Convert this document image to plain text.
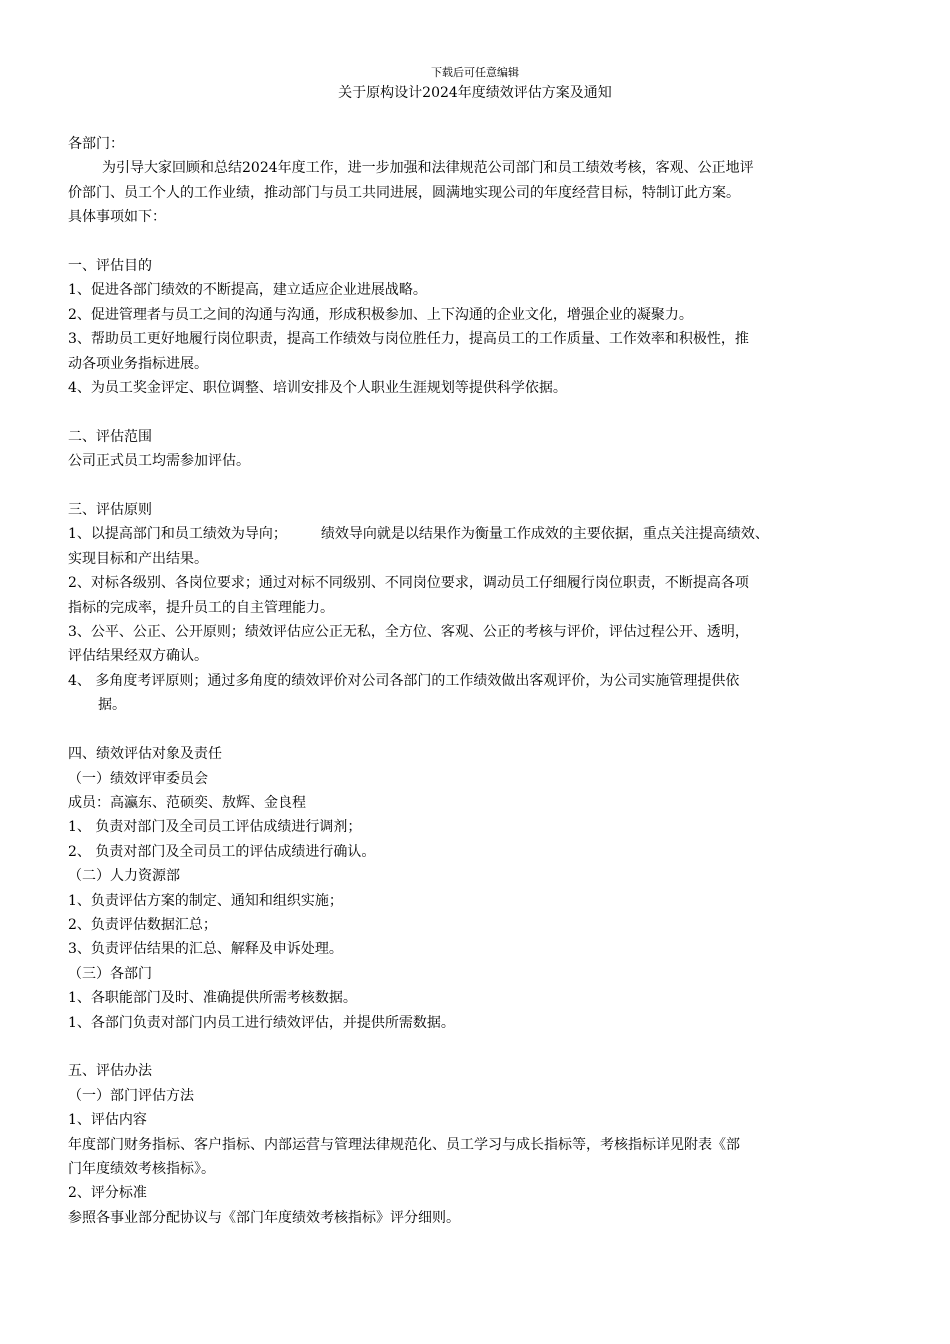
下载后可任意编辑
关于原构设计2024年度绩效评估方案及通知

各部门：

为引导大家回顾和总结2024年度工作，进一步加强和法律规范公司部门和员工绩效考核，客观、公正地评

价部门、员工个人的工作业绩，推动部门与员工共同进展，圆满地实现公司的年度经营目标，特制订此方案。

具体事项如下：

一、评估目的

1、促进各部门绩效的不断提高，建立适应企业进展战略。

2、促进管理者与员工之间的沟通与沟通，形成积极参加、上下沟通的企业文化，增强企业的凝聚力。

3、帮助员工更好地履行岗位职责，提高工作绩效与岗位胜任力，提高员工的工作质量、工作效率和积极性，推

动各项业务指标进展。

4、为员工奖金评定、职位调整、培训安排及个人职业生涯规划等提供科学依据。

二、评估范围

公司正式员工均需参加评估。

三、评估原则

1、以提高部门和员工绩效为导向； 绩效导向就是以结果作为衡量工作成效的主要依据，重点关注提高绩效、

实现目标和产出结果。

2、对标各级别、各岗位要求；通过对标不同级别、不同岗位要求，调动员工仔细履行岗位职责，不断提高各项

指标的完成率，提升员工的自主管理能力。

3、公平、公正、公开原则；绩效评估应公正无私，全方位、客观、公正的考核与评价，评估过程公开、透明，

评估结果经双方确认。

4、 多角度考评原则；通过多角度的绩效评价对公司各部门的工作绩效做出客观评价，为公司实施管理提供依

据。

四、绩效评估对象及责任

（一）绩效评审委员会

成员：高瀛东、范硕奕、敖辉、金良程

1、 负责对部门及全司员工评估成绩进行调剂；

2、 负责对部门及全司员工的评估成绩进行确认。

（二）人力资源部

1、负责评估方案的制定、通知和组织实施；

2、负责评估数据汇总；

3、负责评估结果的汇总、解释及申诉处理。

（三）各部门

1、各职能部门及时、准确提供所需考核数据。

1、各部门负责对部门内员工进行绩效评估，并提供所需数据。

五、评估办法

（一）部门评估方法

1、评估内容

年度部门财务指标、客户指标、内部运营与管理法律规范化、员工学习与成长指标等，考核指标详见附表《部

门年度绩效考核指标》。

2、评分标准

参照各事业部分配协议与《部门年度绩效考核指标》评分细则。
